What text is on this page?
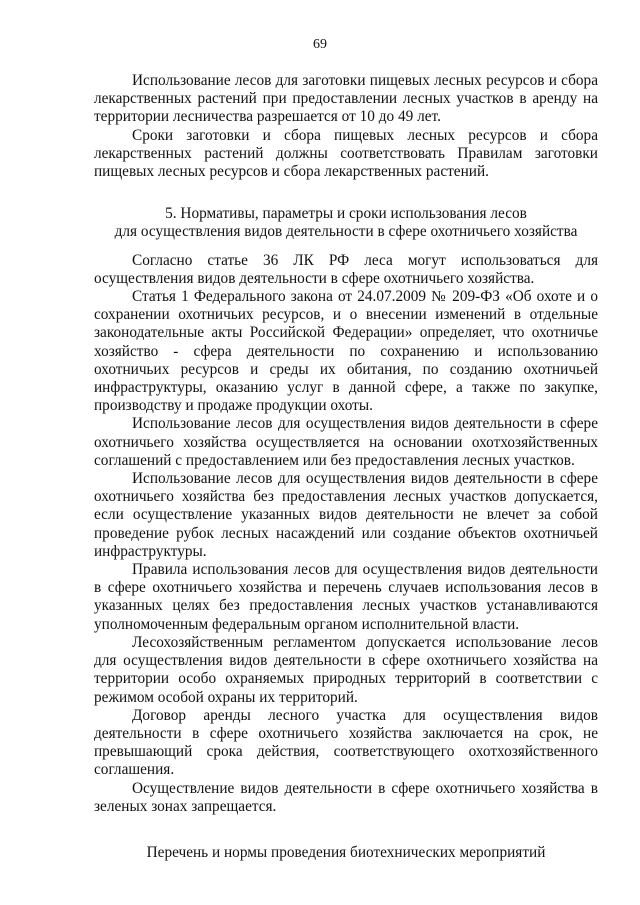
69

Использование лесов для заготовки пищевых лесных ресурсов и сбора лекарственных растений при предоставлении лесных участков в аренду на территории лесничества разрешается от 10 до 49 лет.

Сроки заготовки и сбора пищевых лесных ресурсов и сбора лекарственных растений должны соответствовать Правилам заготовки пищевых лесных ресурсов и сбора лекарственных растений.

5. Нормативы, параметры и сроки использования лесов
для осуществления видов деятельности в сфере охотничьего хозяйства

Согласно статье 36 ЛК РФ леса могут использоваться для осуществления видов деятельности в сфере охотничьего хозяйства.

Статья 1 Федерального закона от 24.07.2009 № 209-ФЗ «Об охоте и о сохранении охотничьих ресурсов, и о внесении изменений в отдельные законодательные акты Российской Федерации» определяет, что охотничье хозяйство - сфера деятельности по сохранению и использованию охотничьих ресурсов и среды их обитания, по созданию охотничьей инфраструктуры, оказанию услуг в данной сфере, а также по закупке, производству и продаже продукции охоты.

Использование лесов для осуществления видов деятельности в сфере охотничьего хозяйства осуществляется на основании охотхозяйственных соглашений с предоставлением или без предоставления лесных участков.

Использование лесов для осуществления видов деятельности в сфере охотничьего хозяйства без предоставления лесных участков допускается, если осуществление указанных видов деятельности не влечет за собой проведение рубок лесных насаждений или создание объектов охотничьей инфраструктуры.

Правила использования лесов для осуществления видов деятельности в сфере охотничьего хозяйства и перечень случаев использования лесов в указанных целях без предоставления лесных участков устанавливаются уполномоченным федеральным органом исполнительной власти.

Лесохозяйственным регламентом допускается использование лесов для осуществления видов деятельности в сфере охотничьего хозяйства на территории особо охраняемых природных территорий в соответствии с режимом особой охраны их территорий.

Договор аренды лесного участка для осуществления видов деятельности в сфере охотничьего хозяйства заключается на срок, не превышающий срока действия, соответствующего охотхозяйственного соглашения.

Осуществление видов деятельности в сфере охотничьего хозяйства в зеленых зонах запрещается.

Перечень и нормы проведения биотехнических мероприятий
